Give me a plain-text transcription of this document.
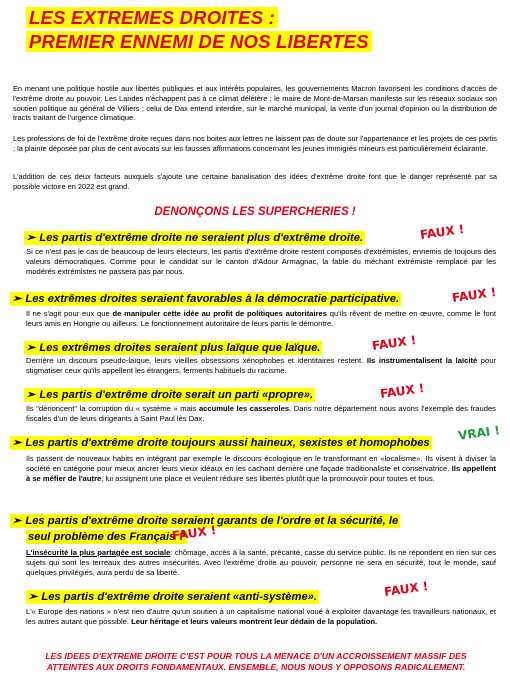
LES EXTREMES DROITES :
PREMIER ENNEMI DE NOS LIBERTES

En menant une politique hostile aux libertés publiques et aux intérêts populaires, les gouvernements Macron favorisent les conditions d'accès de l'extrême droite au pouvoir. Les Landes n'échappent pas à ce climat délétère : le maire de Mont-de-Marsan manifeste sur les réseaux sociaux son soutien politique au général de Villiers ; celui de Dax entend interdire, sur le marché municipal, la vente d'un journal d'opinion ou la distribution de tracts traitant de l'urgence climatique.

Les professions de foi de l'extrême droite reçues dans nos boites aux lettres ne laissent pas de doute sur l'appartenance et les projets de ces partis ; la plainte déposée par plus de cent avocats sur les fausses affirmations concernant les jeunes immigrés mineurs est particulièrement éclairante.

L'addition de ces deux facteurs auxquels s'ajoute une certaine banalisation des idées d'extrême droite font que le danger représenté par sa possible victoire en 2022 est grand.

DENONÇONS LES SUPERCHERIES !
➢ Les partis d'extrême droite ne seraient plus d'extrême droite.	FAUX !

Si ce n'est pas le cas de beaucoup de leurs électeurs, les partis d'extrême droite restent composés d'extrémistes, ennemis de toujours des valeurs démocratiques. Comme pour le candidat sur le canton d'Adour Armagnac, la fable du méchant extrémiste remplacé par les modérés extrémistes ne passera pas par nous.

➢ Les extrêmes droites seraient favorables à la démocratie participative.	FAUX !

Il ne s'agit pour eux que de manipuler cette idée au profit de politiques autoritaires qu'ils rêvent de mettre en œuvre, comme le font leurs amis en Hongrie ou ailleurs. Le fonctionnement autoritaire de leurs partis le démontre.

➢ Les extrêmes droites seraient plus laïque que laïque.	FAUX !

Derrière un discours pseudo-laïque, leurs vieilles obsessions xénophobes et identitaires restent. Ils instrumentalisent la laïcité pour stigmatiser ceux qu'ils appellent les étrangers, ferments habituels du racisme.

➢ Les partis d'extrême droite serait un parti «propre».	FAUX !

Ils "dénoncent" la corruption du « système » mais accumule les casseroles. Dans notre département nous avons l'exemple des fraudes fiscales d'un de leurs dirigeants à Saint Paul lès Dax.

➢ Les partis d'extrême droite toujours aussi haineux, sexistes et homophobes
VRAI !

Ils passent de nouveaux habits en intégrant par exemple le discours écologique en le transformant en «localisme». Ils visent à diviser la société en catégorie pour mieux ancrer leurs vieux idéaux en les cachant derrière une façade traditionaliste et conservatrice. Ils appellent à se méfier de l'autre, lui assignent une place et veulent réduire ses libertés plutôt que la promouvoir pour toutes et tous.

➢ Les partis d'extrême droite seraient garants de l'ordre et la sécurité, le
seul problème des Français ?
FAUX !

L'insécurité la plus partagée est sociale: chômage, accès à la santé, précarité, casse du service public. Ils ne répondent en rien sur ces sujets qui sont les terreaux des autres insécurités. Avec l'extrême droite au pouvoir, personne ne sera en sécurité, tout le monde, sauf quelques privilégiés, aura perdu de sa liberté.

➢ Les partis d'extrême droite seraient «anti-système».	FAUX !

L'« Europe des nations » n'est rien d'autre qu'un soutien à un capitalisme national voué à exploiter davantage les travailleurs nationaux, et les autres autant que possible. Leur héritage et leurs valeurs montrent leur dédain de la population.

LES IDEES D'EXTREME DROITE C'EST POUR TOUS LA MENACE D'UN ACCROISSEMENT MASSIF DES ATTEINTES AUX DROITS FONDAMENTAUX. ENSEMBLE, NOUS NOUS Y OPPOSONS RADICALEMENT.
